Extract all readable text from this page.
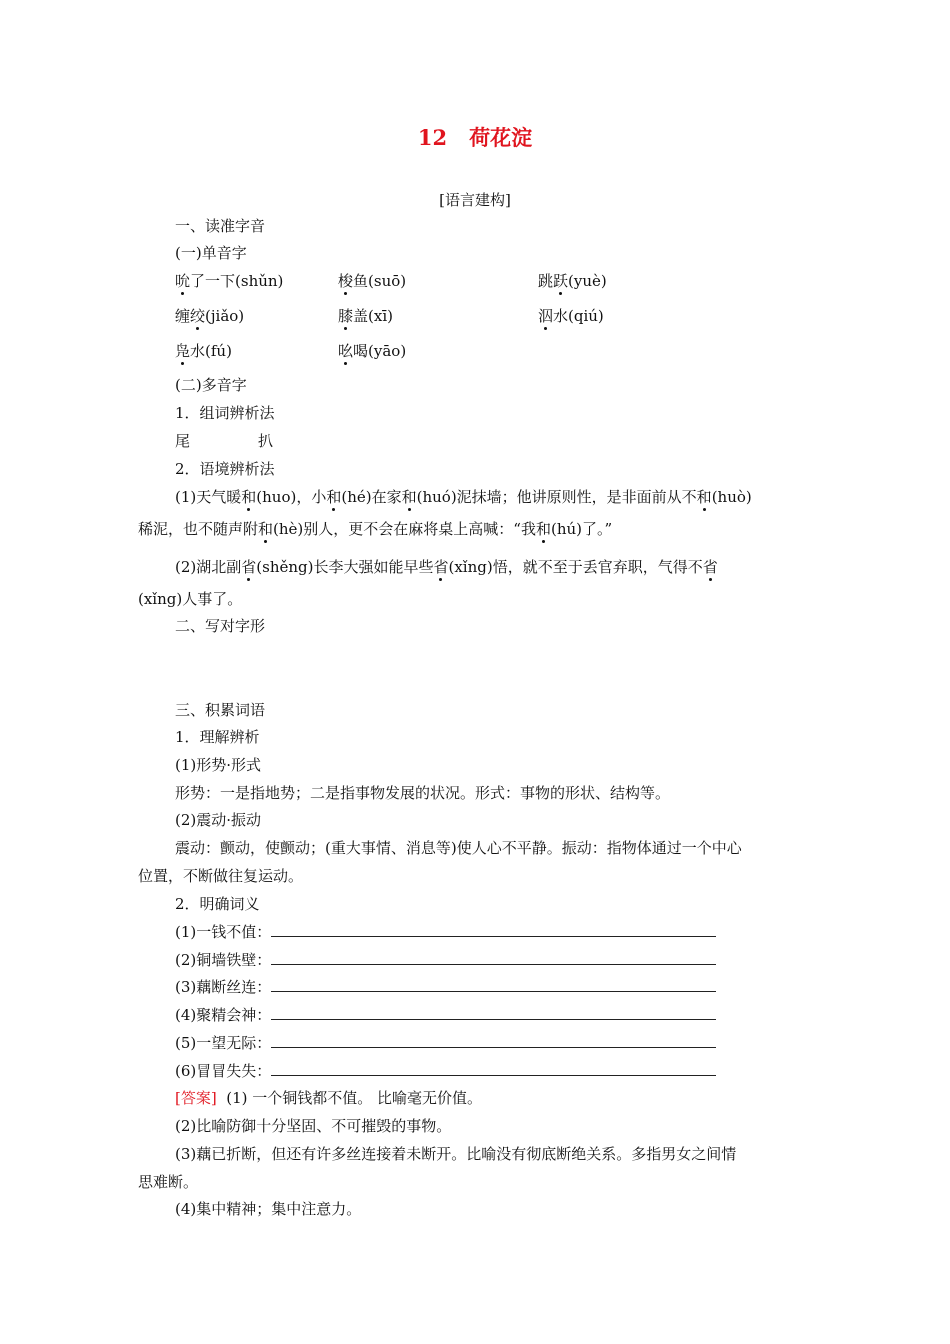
12 荷花淀
[语言建构]
一、读准字音
(一)单音字
吮了一下(shǔn)	梭鱼(suō)	跳跃(yuè)
缠绞(jiǎo)	膝盖(xī)	泅水(qiú)
凫水(fú)	吆喝(yāo)
(二)多音字
1．组词辨析法
尾	扒
2．语境辨析法
(1)天气暖和(huo)，小和(hé)在家和(huó)泥抹墙；他讲原则性，是非面前从不和(huò)
稀泥，也不随声附和(hè)别人，更不会在麻将桌上高喊：“我和(hú)了。”
(2)湖北副省(shěng)长李大强如能早些省(xǐng)悟，就不至于丢官弃职，气得不省
(xǐng)人事了。
二、写对字形
三、积累词语
1．理解辨析
(1)形势·形式
形势：一是指地势；二是指事物发展的状况。形式：事物的形状、结构等。
(2)震动·振动
震动：颤动，使颤动；(重大事情、消息等)使人心不平静。振动：指物体通过一个中心
位置，不断做往复运动。
2．明确词义
(1)一钱不值：
(2)铜墙铁壁：
(3)藕断丝连：
(4)聚精会神：
(5)一望无际：
(6)冒冒失失：
[答案] (1) 一个铜钱都不值。 比喻毫无价值。
(2)比喻防御十分坚固、不可摧毁的事物。
(3)藕已折断，但还有许多丝连接着未断开。比喻没有彻底断绝关系。多指男女之间情
思难断。
(4)集中精神；集中注意力。
